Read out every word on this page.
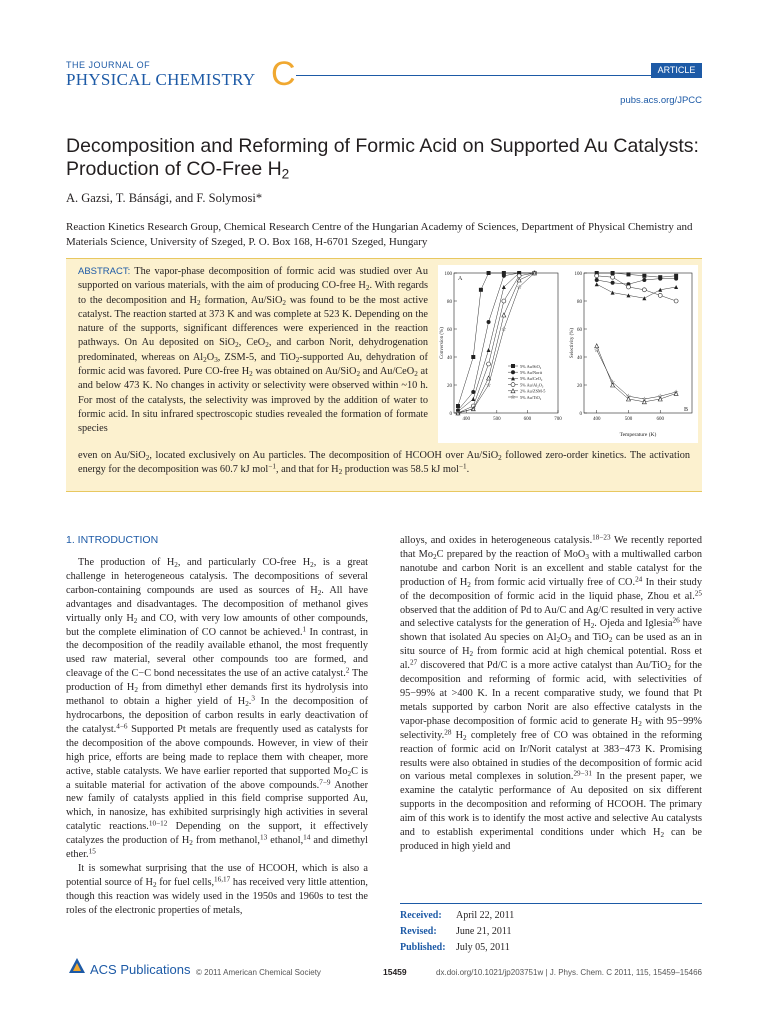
THE JOURNAL OF
PHYSICAL CHEMISTRY C	ARTICLE
pubs.acs.org/JPCC
Decomposition and Reforming of Formic Acid on Supported Au Catalysts: Production of CO-Free $H_2$
A. Gazsi, T. Bánsági, and F. Solymosi*
Reaction Kinetics Research Group, Chemical Research Centre of the Hungarian Academy of Sciences, Department of Physical Chemistry and Materials Science, University of Szeged, P. O. Box 168, H-6701 Szeged, Hungary
ABSTRACT: The vapor-phase decomposition of formic acid was studied over Au supported on various materials, with the aim of producing CO-free $H_2$. With regards to the decomposition and $H_2$ formation, Au/SiO$_2$ was found to be the most active catalyst. The reaction started at 373 K and was complete at 523 K. Depending on the nature of the supports, significant differences were experienced in the reaction pathways. On Au deposited on SiO$_2$, CeO$_2$, and carbon Norit, dehydrogenation predominated, whereas on $Al_2O_3$, ZSM-5, and TiO$_2$-supported Au, dehydration of formic acid was favored. Pure CO-free $H_2$ was obtained on Au/SiO$_2$ and Au/CeO$_2$ at and below 473 K. No changes in activity or selectivity were observed within ~10 h. For most of the catalysts, the selectivity was improved by the addition of water to formic acid. In situ infrared spectroscopic studies revealed the formation of formate species
even on Au/SiO$_2$, located exclusively on Au particles. The decomposition of HCOOH over Au/SiO$_2$ followed zero-order kinetics. The activation energy for the decomposition was 60.7 kJ mol$^{-1}$, and that for $H_2$ production was 58.5 kJ mol$^{-1}$.
0
20
40
60
80
100
400	500	600	700
Conversion (%)
☆
☆
☆
☆
☆
☆
0
20
40
60
80
100
400	500	600
Selectivity (%)	☆
☆
☆ ☆ ☆
☆
A
B
Temperature (K)
5% Au/SiO₂
5% Au/Norit
5% Au/CeO₂
5% Au/Al₂O₃
2% Au/ZSM-5
☆ 5% Au/TiO₂
1. INTRODUCTION

The production of $H_2$, and particularly CO-free $H_2$, is a great challenge in heterogeneous catalysis. The decompositions of several carbon-containing compounds are used as sources of $H_2$. All have advantages and disadvantages. The decomposition of methanol gives virtually only $H_2$ and CO, with very low amounts of other compounds, but the complete elimination of CO cannot be achieved.$^1$ In contrast, in the decomposition of the readily available ethanol, the most frequently used raw material, several other compounds too are formed, and cleavage of the C−C bond necessitates the use of an active catalyst.$^2$ The production of $H_2$ from dimethyl ether demands first its hydrolysis into methanol to obtain a higher yield of $H_2.^3$ In the decomposition of hydrocarbons, the deposition of carbon results in early deactivation of the catalyst.$^{4-6}$ Supported Pt metals are frequently used as catalysts for the decomposition of the above compounds. However, in view of their high price, efforts are being made to replace them with cheaper, more active, stable catalysts. We have earlier reported that supported $Mo_2C$ is a suitable material for activation of the above compounds.$^{7-9}$ Another new family of catalysts applied in this field comprise supported Au, which, in nanosize, has exhibited surprisingly high activities in several catalytic reactions.$^{10-12}$ Depending on the support, it effectively catalyzes the production of $H_2$ from methanol,$^{13}$ ethanol,$^{14}$ and dimethyl ether.$^{15}$

It is somewhat surprising that the use of HCOOH, which is also a potential source of $H_2$ for fuel cells,$^{16,17}$ has received very little attention, though this reaction was widely used in the 1950s and 1960s to test the roles of the electronic properties of metals,

alloys, and oxides in heterogeneous catalysis.$^{18-23}$ We recently reported that $Mo_2C$ prepared by the reaction of MoO$_3$ with a multiwalled carbon nanotube and carbon Norit is an excellent and stable catalyst for the production of $H_2$ from formic acid virtually free of CO.$^{24}$ In their study of the decomposition of formic acid in the liquid phase, Zhou et al.$^{25}$ observed that the addition of Pd to Au/C and Ag/C resulted in very active and selective catalysts for the generation of $H_2$. Ojeda and Iglesia$^{26}$ have shown that isolated Au species on $Al_2O_3$ and TiO$_2$ can be used as an in situ source of $H_2$ from formic acid at high chemical potential. Ross et al.$^{27}$ discovered that Pd/C is a more active catalyst than Au/TiO$_2$ for the decomposition and reforming of formic acid, with selectivities of 95−99% at >400 K. In a recent comparative study, we found that Pt metals supported by carbon Norit are also effective catalysts in the vapor-phase decomposition of formic acid to generate $H_2$ with 95−99% selectivity.$^{28}$ $H_2$ completely free of CO was obtained in the reforming reaction of formic acid on Ir/Norit catalyst at 383−473 K. Promising results were also obtained in studies of the decomposition of formic acid on various metal complexes in solution.$^{29-31}$ In the present paper, we examine the catalytic performance of Au deposited on six different supports in the decomposition and reforming of HCOOH. The primary aim of this work is to identify the most active and selective Au catalysts and to establish experimental conditions under which $H_2$ can be produced in high yield and

Received: April 22, 2011
Revised: June 21, 2011
Published: July 05, 2011
ACS Publications © 2011 American Chemical Society	15459	dx.doi.org/10.1021/jp203751w | J. Phys. Chem. C 2011, 115, 15459–15466
